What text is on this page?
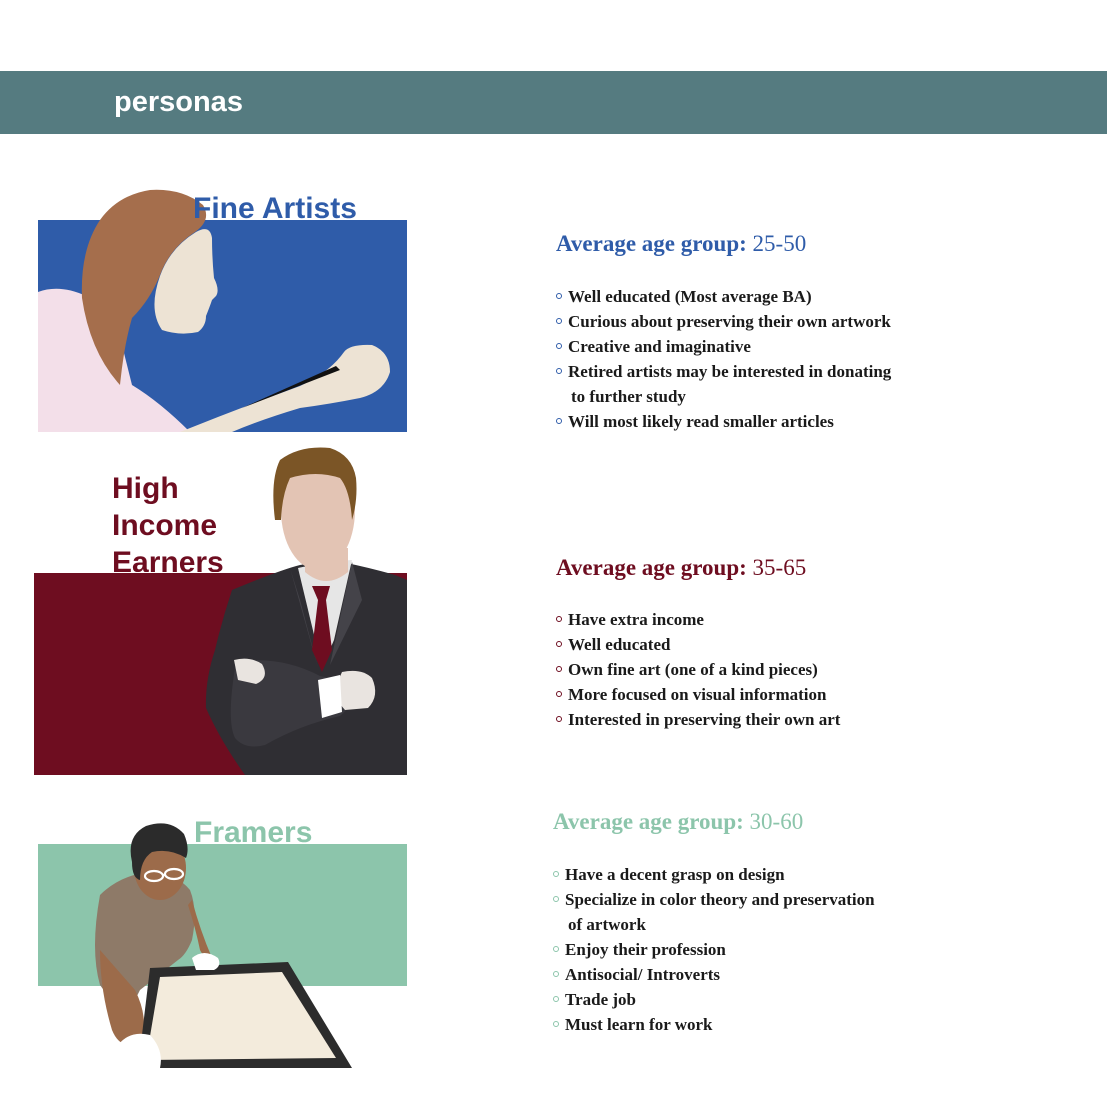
personas
Fine Artists
High
Income
Earners
Framers
Average age group: 25-50
Well educated (Most average BA)
Curious about preserving their own artwork
Creative and imaginative
Retired artists may be interested in donating
to further study
Will most likely read smaller articles
Average age group: 35-65
Have extra income
Well educated
Own fine art (one of a kind pieces)
More focused on visual information
Interested in preserving their own art
Average age group: 30-60
Have a decent grasp on design
Specialize in color theory and preservation
of artwork
Enjoy their profession
Antisocial/ Introverts
Trade job
Must learn for work
